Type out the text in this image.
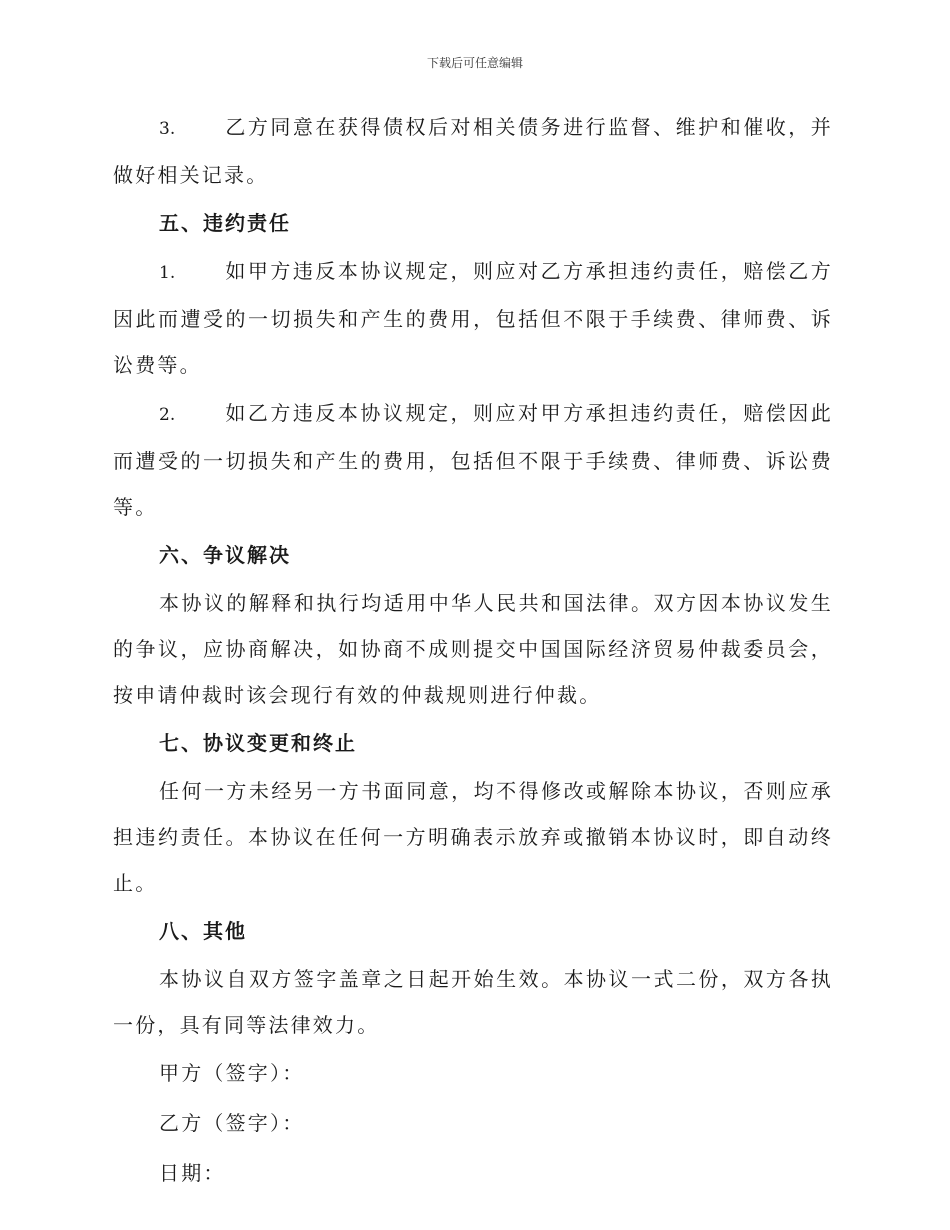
下载后可任意编辑

3. 乙方同意在获得债权后对相关债务进行监督、维护和催收，并做好相关记录。

五、违约责任

1. 如甲方违反本协议规定，则应对乙方承担违约责任，赔偿乙方因此而遭受的一切损失和产生的费用，包括但不限于手续费、律师费、诉讼费等。

2. 如乙方违反本协议规定，则应对甲方承担违约责任，赔偿因此而遭受的一切损失和产生的费用，包括但不限于手续费、律师费、诉讼费等。

六、争议解决

本协议的解释和执行均适用中华人民共和国法律。双方因本协议发生的争议，应协商解决，如协商不成则提交中国国际经济贸易仲裁委员会，按申请仲裁时该会现行有效的仲裁规则进行仲裁。

七、协议变更和终止

任何一方未经另一方书面同意，均不得修改或解除本协议，否则应承担违约责任。本协议在任何一方明确表示放弃或撤销本协议时，即自动终止。

八、其他

本协议自双方签字盖章之日起开始生效。本协议一式二份，双方各执一份，具有同等法律效力。

甲方（签字）：

乙方（签字）：

日期：
